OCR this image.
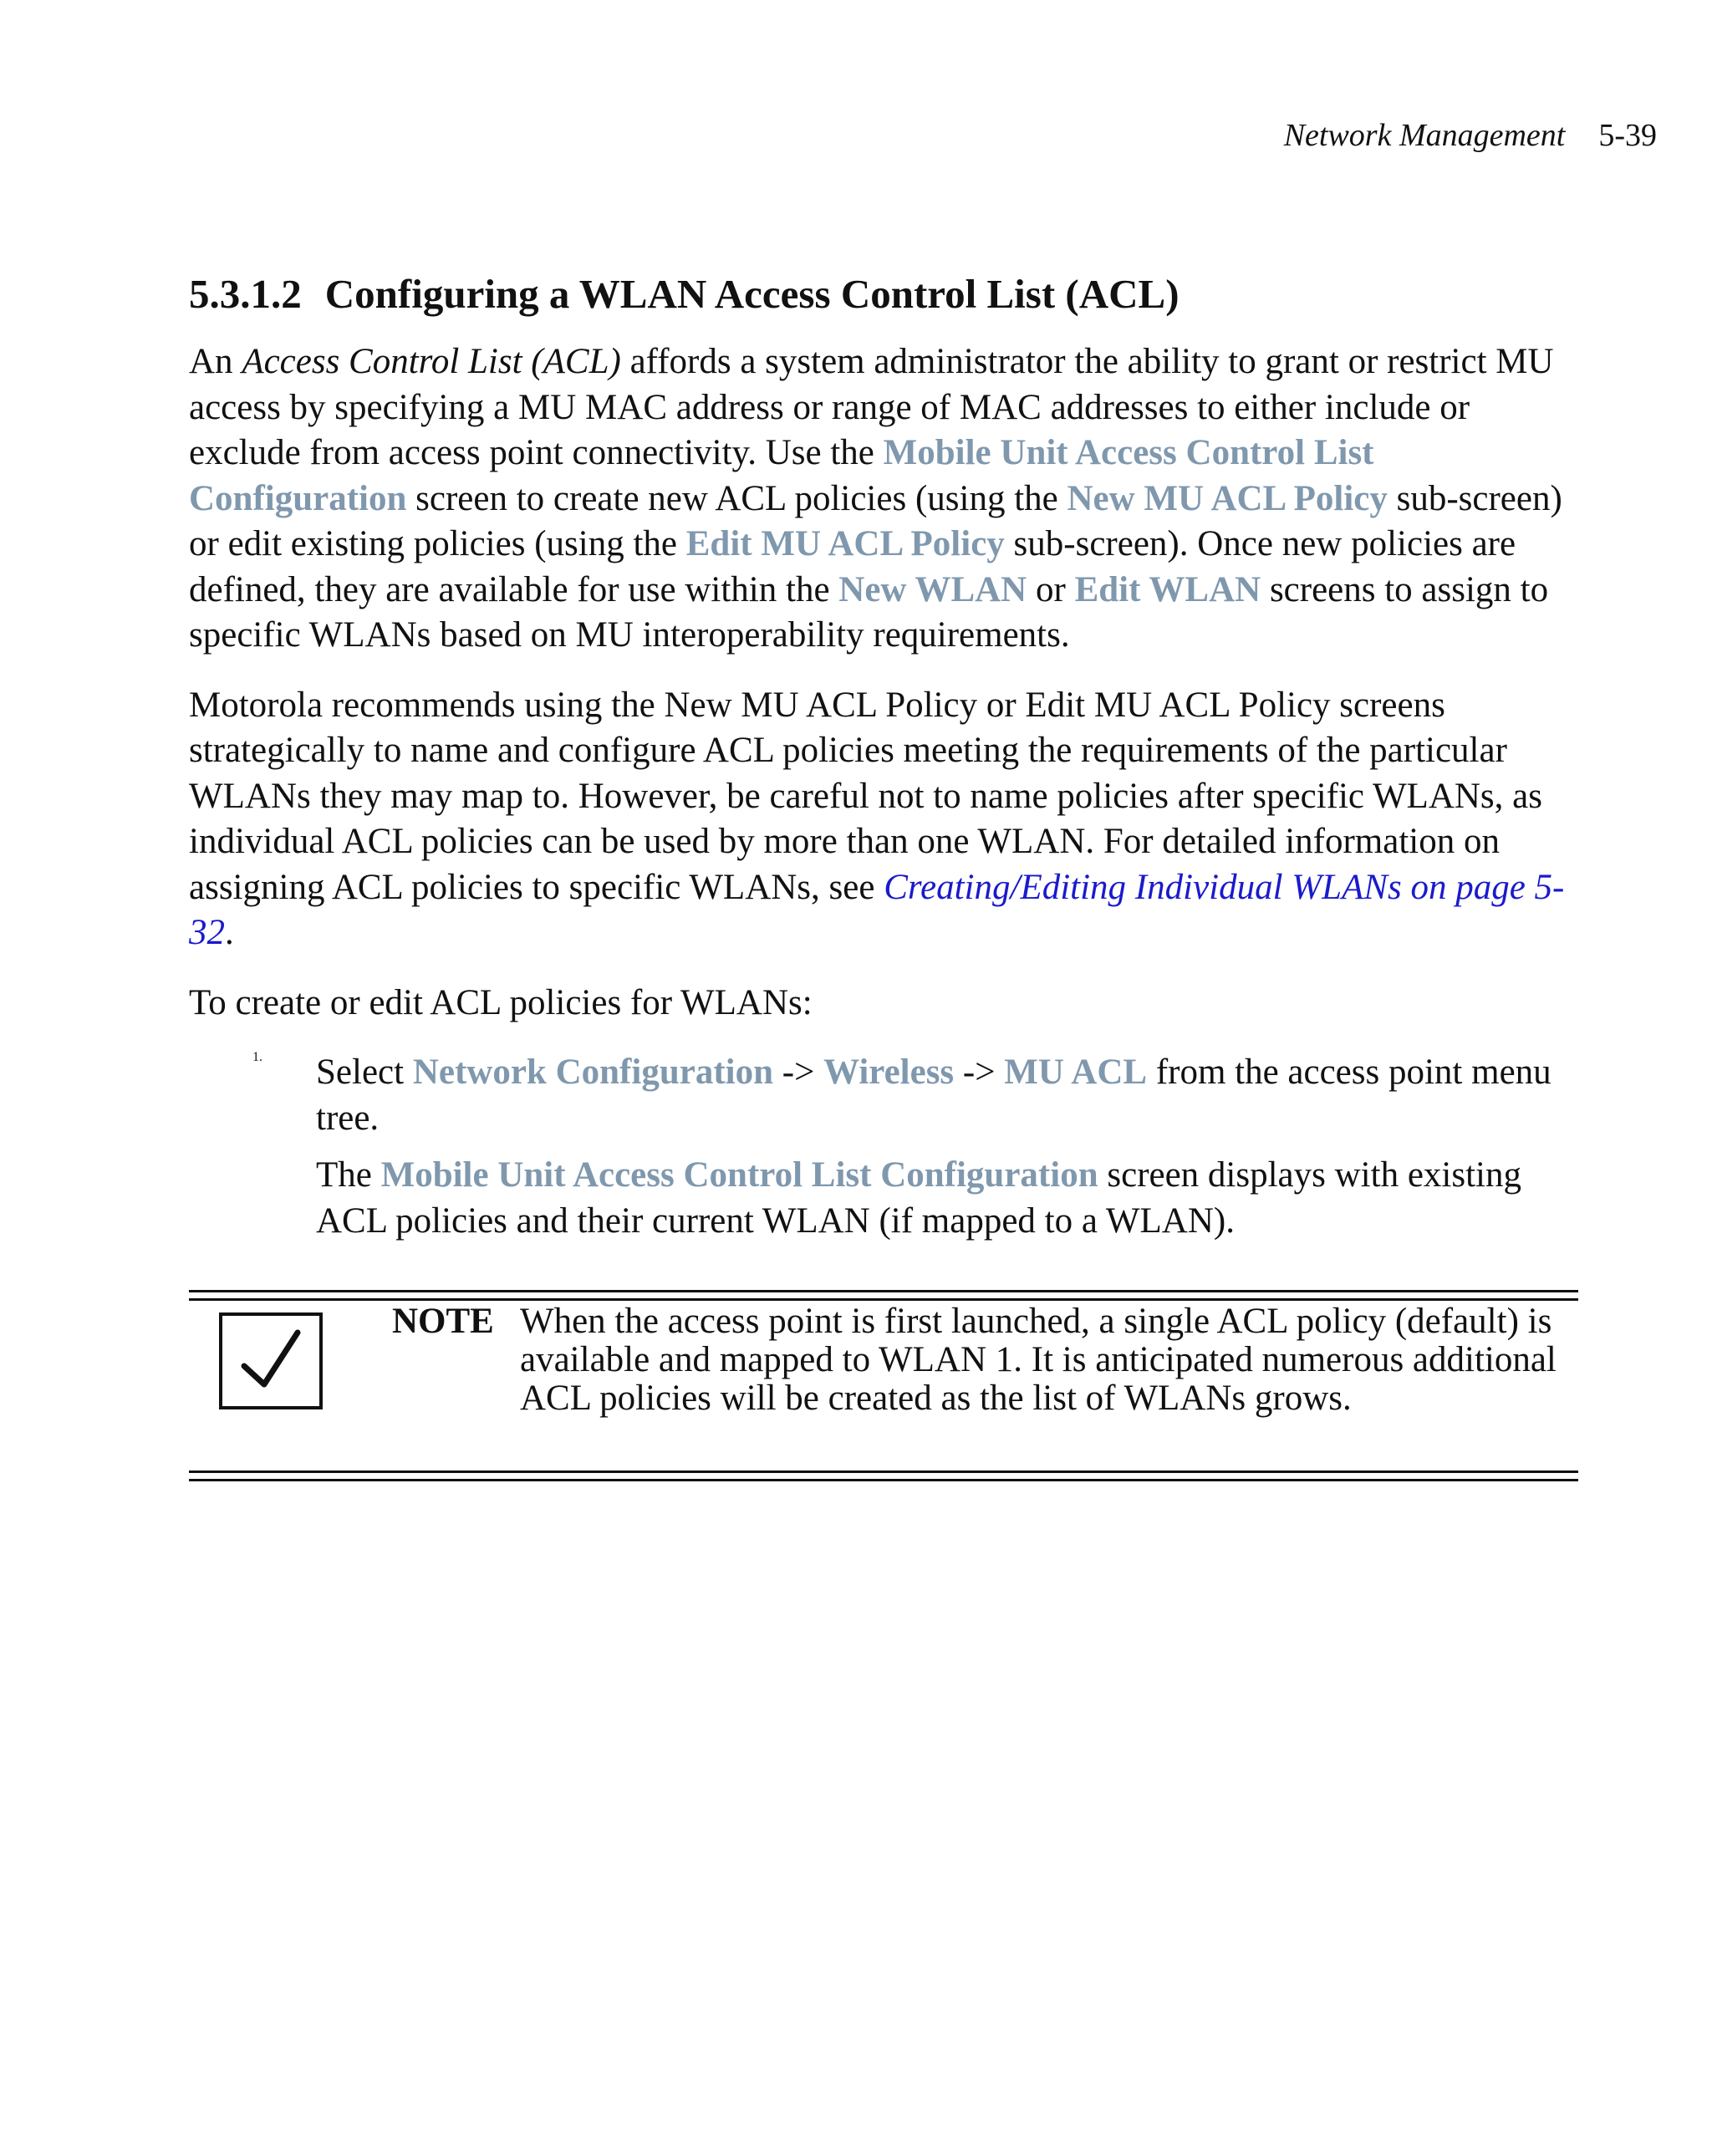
Network Management 5-39
5.3.1.2 Configuring a WLAN Access Control List (ACL)

An Access Control List (ACL) affords a system administrator the ability to grant or restrict MU access by specifying a MU MAC address or range of MAC addresses to either include or exclude from access point connectivity. Use the Mobile Unit Access Control List Configuration screen to create new ACL policies (using the New MU ACL Policy sub-screen) or edit existing policies (using the Edit MU ACL Policy sub-screen). Once new policies are defined, they are available for use within the New WLAN or Edit WLAN screens to assign to specific WLANs based on MU interoperability requirements.

Motorola recommends using the New MU ACL Policy or Edit MU ACL Policy screens strategically to name and configure ACL policies meeting the requirements of the particular WLANs they may map to. However, be careful not to name policies after specific WLANs, as individual ACL policies can be used by more than one WLAN. For detailed information on assigning ACL policies to specific WLANs, see Creating/Editing Individual WLANs on page 5-32.

To create or edit ACL policies for WLANs:

1. Select Network Configuration -> Wireless -> MU ACL from the access point menu tree.

The Mobile Unit Access Control List Configuration screen displays with existing ACL policies and their current WLAN (if mapped to a WLAN).

NOTE When the access point is first launched, a single ACL policy (default) is available and mapped to WLAN 1. It is anticipated numerous additional ACL policies will be created as the list of WLANs grows.
